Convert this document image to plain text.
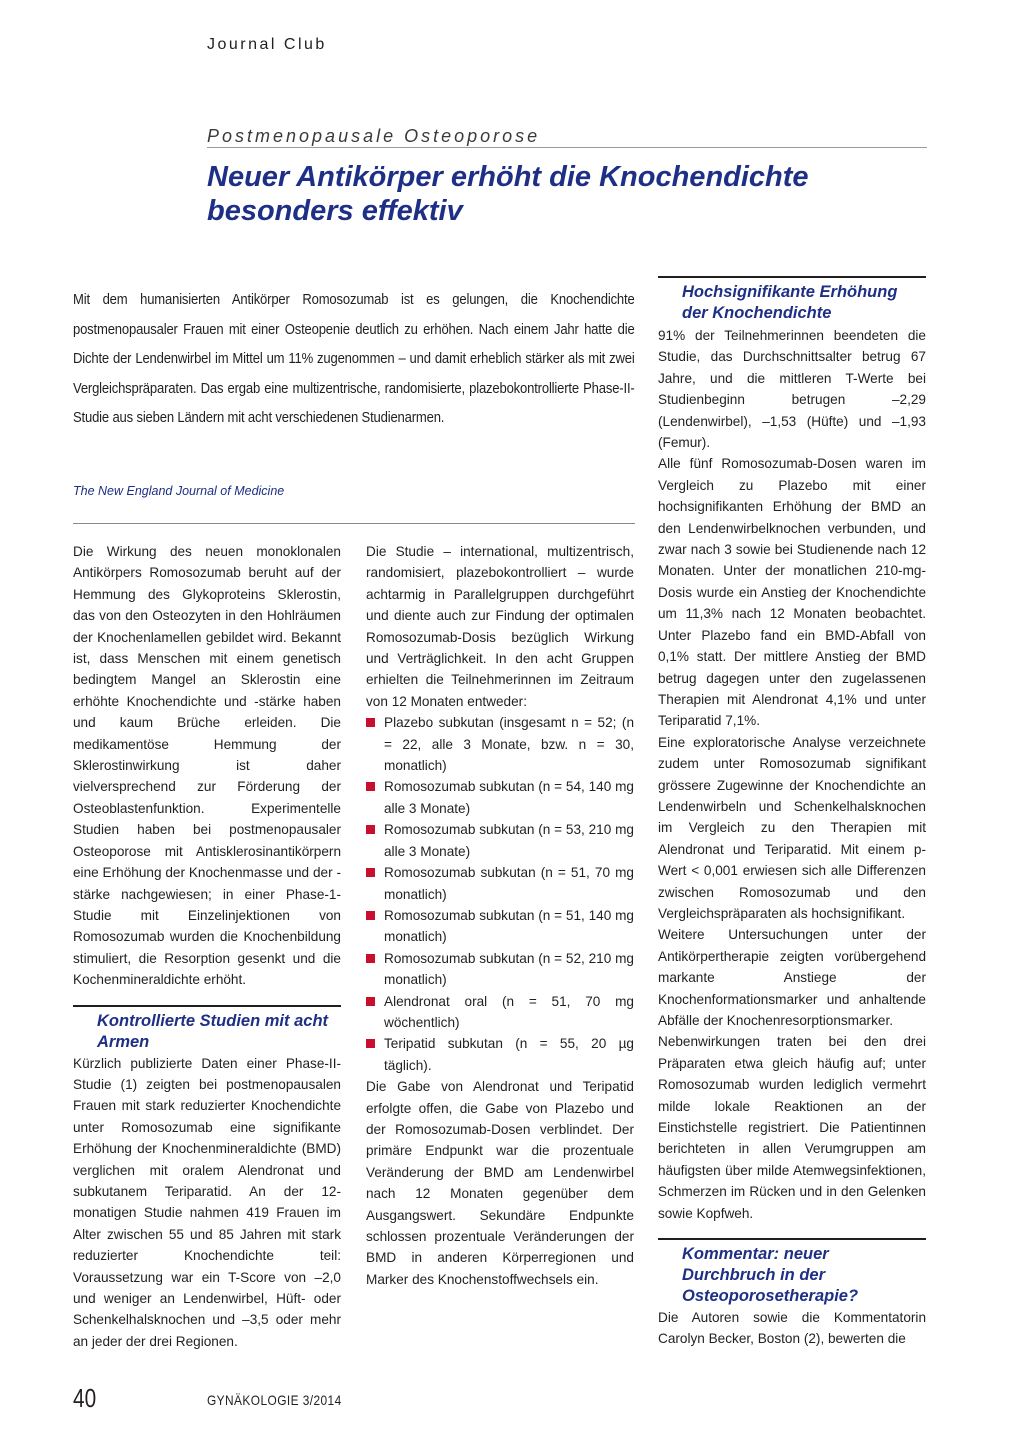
Journal Club
Postmenopausale Osteoporose
Neuer Antikörper erhöht die Knochendichte besonders effektiv
Mit dem humanisierten Antikörper Romosozumab ist es gelungen, die Knochendichte postmenopausaler Frauen mit einer Osteopenie deutlich zu erhöhen. Nach einem Jahr hatte die Dichte der Lendenwirbel im Mittel um 11% zugenommen – und damit erheblich stärker als mit zwei Vergleichspräparaten. Das ergab eine multizentrische, randomisierte, plazebokontrollierte Phase-II-Studie aus sieben Ländern mit acht verschiedenen Studienarmen.
The New England Journal of Medicine

Die Wirkung des neuen monoklonalen Antikörpers Romosozumab beruht auf der Hemmung des Glykoproteins Sklerostin, das von den Osteozyten in den Hohlräumen der Knochenlamellen gebildet wird. Bekannt ist, dass Menschen mit einem genetisch bedingtem Mangel an Sklerostin eine erhöhte Knochendichte und -stärke haben und kaum Brüche erleiden. Die medikamentöse Hemmung der Sklerostinwirkung ist daher vielversprechend zur Förderung der Osteoblastenfunktion. Experimentelle Studien haben bei postmenopausaler Osteoporose mit Antisklerosinantikörpern eine Erhöhung der Knochenmasse und der -stärke nachgewiesen; in einer Phase-1-Studie mit Einzelinjektionen von Romosozumab wurden die Knochenbildung stimuliert, die Resorption gesenkt und die Kochenmineraldichte erhöht.

Kontrollierte Studien mit acht Armen

Kürzlich publizierte Daten einer Phase-II-Studie (1) zeigten bei postmenopausalen Frauen mit stark reduzierter Knochendichte unter Romosozumab eine signifikante Erhöhung der Knochenmineraldichte (BMD) verglichen mit oralem Alendronat und subkutanem Teriparatid. An der 12-monatigen Studie nahmen 419 Frauen im Alter zwischen 55 und 85 Jahren mit stark reduzierter Knochendichte teil: Voraussetzung war ein T-Score von –2,0 und weniger an Lendenwirbel, Hüft- oder Schenkelhalsknochen und –3,5 oder mehr an jeder der drei Regionen.

Die Studie – international, multizentrisch, randomisiert, plazebokontrolliert – wurde achtarmig in Parallelgruppen durchgeführt und diente auch zur Findung der optimalen Romosozumab-Dosis bezüglich Wirkung und Verträglichkeit. In den acht Gruppen erhielten die Teilnehmerinnen im Zeitraum von 12 Monaten entweder:

Plazebo subkutan (insgesamt n = 52; (n = 22, alle 3 Monate, bzw. n = 30, monatlich)
Romosozumab subkutan (n = 54, 140 mg alle 3 Monate)
Romosozumab subkutan (n = 53, 210 mg alle 3 Monate)
Romosozumab subkutan (n = 51, 70 mg monatlich)
Romosozumab subkutan (n = 51, 140 mg monatlich)
Romosozumab subkutan (n = 52, 210 mg monatlich)
Alendronat oral (n = 51, 70 mg wöchentlich)
Teripatid subkutan (n = 55, 20 µg täglich).

Die Gabe von Alendronat und Teripatid erfolgte offen, die Gabe von Plazebo und der Romosozumab-Dosen verblindet. Der primäre Endpunkt war die prozentuale Veränderung der BMD am Lendenwirbel nach 12 Monaten gegenüber dem Ausgangswert. Sekundäre Endpunkte schlossen prozentuale Veränderungen der BMD in anderen Körperregionen und Marker des Knochenstoffwechsels ein.

Hochsignifikante Erhöhung der Knochendichte

91% der Teilnehmerinnen beendeten die Studie, das Durchschnittsalter betrug 67 Jahre, und die mittleren T-Werte bei Studienbeginn betrugen –2,29 (Lendenwirbel), –1,53 (Hüfte) und –1,93 (Femur).

Alle fünf Romosozumab-Dosen waren im Vergleich zu Plazebo mit einer hochsignifikanten Erhöhung der BMD an den Lendenwirbelknochen verbunden, und zwar nach 3 sowie bei Studienende nach 12 Monaten. Unter der monatlichen 210-mg-Dosis wurde ein Anstieg der Knochendichte um 11,3% nach 12 Monaten beobachtet. Unter Plazebo fand ein BMD-Abfall von 0,1% statt. Der mittlere Anstieg der BMD betrug dagegen unter den zugelassenen Therapien mit Alendronat 4,1% und unter Teriparatid 7,1%.

Eine exploratorische Analyse verzeichnete zudem unter Romosozumab signifikant grössere Zugewinne der Knochendichte an Lendenwirbeln und Schenkelhalsknochen im Vergleich zu den Therapien mit Alendronat und Teriparatid. Mit einem p-Wert < 0,001 erwiesen sich alle Differenzen zwischen Romosozumab und den Vergleichspräparaten als hochsignifikant.

Weitere Untersuchungen unter der Antikörpertherapie zeigten vorübergehend markante Anstiege der Knochenformationsmarker und anhaltende Abfälle der Knochenresorptionsmarker.

Nebenwirkungen traten bei den drei Präparaten etwa gleich häufig auf; unter Romosozumab wurden lediglich vermehrt milde lokale Reaktionen an der Einstichstelle registriert. Die Patientinnen berichteten in allen Verumgruppen am häufigsten über milde Atemwegsinfektionen, Schmerzen im Rücken und in den Gelenken sowie Kopfweh.

Kommentar: neuer Durchbruch in der Osteoporosetherapie?

Die Autoren sowie die Kommentatorin Carolyn Becker, Boston (2), bewerten die

40	GYNÄKOLOGIE 3/2014
